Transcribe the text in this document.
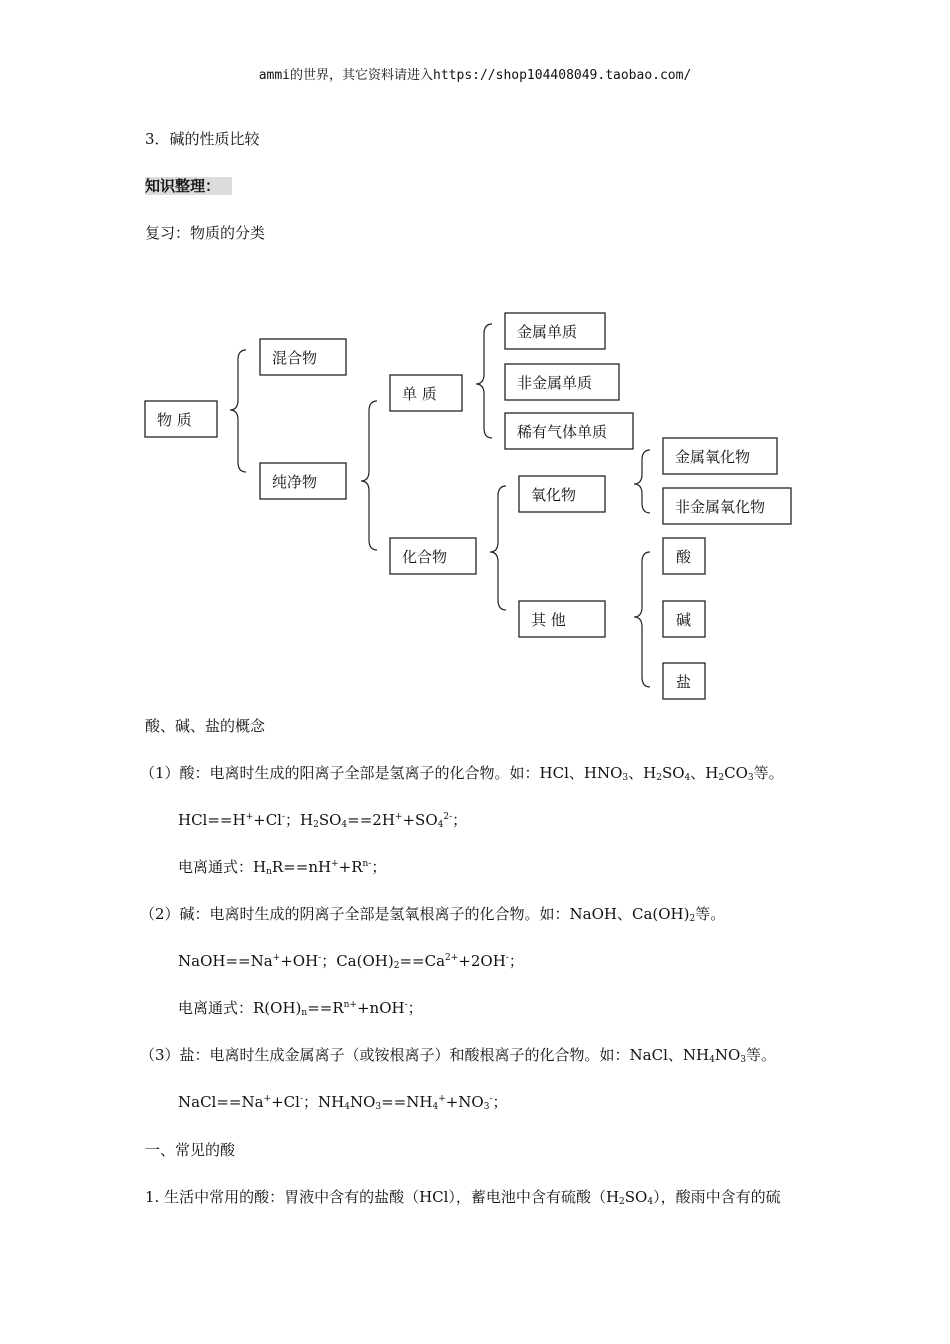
ammi的世界，其它资料请进入https://shop104408049.taobao.com/
3．碱的性质比较
知识整理：
复习：物质的分类
物 质
混合物
纯净物
单 质
化合物
金属单质
非金属单质
稀有气体单质
氧化物
其 他
金属氧化物
非金属氧化物
酸
碱
盐
酸、碱、盐的概念
（1）酸：电离时生成的阳离子全部是氢离子的化合物。如：HCl、$HNO_3$、$H_2SO_4$、$H_2CO_3$等。
HCl==H++Cl-；$H_2SO_4==2H^++SO_4^{2-}$；
电离通式：$H_nR==nH^++R^{n-}$；
（2）碱：电离时生成的阴离子全部是氢氧根离子的化合物。如：NaOH、$Ca(OH)_2$等。
NaOH==Na++OH-；$Ca(OH)_2==Ca^{2+}+2OH^-$；
电离通式：$R(OH)_n==R^{n+}+nOH^-$；
（3）盐：电离时生成金属离子（或铵根离子）和酸根离子的化合物。如：NaCl、$NH_4NO_3$等。
NaCl==Na++Cl-；$NH_4NO_3==NH_4^++NO_3^-$；
一、常见的酸
1. 生活中常用的酸：胃液中含有的盐酸（HCl），蓄电池中含有硫酸$(H_2SO_4)$，酸雨中含有的硫
